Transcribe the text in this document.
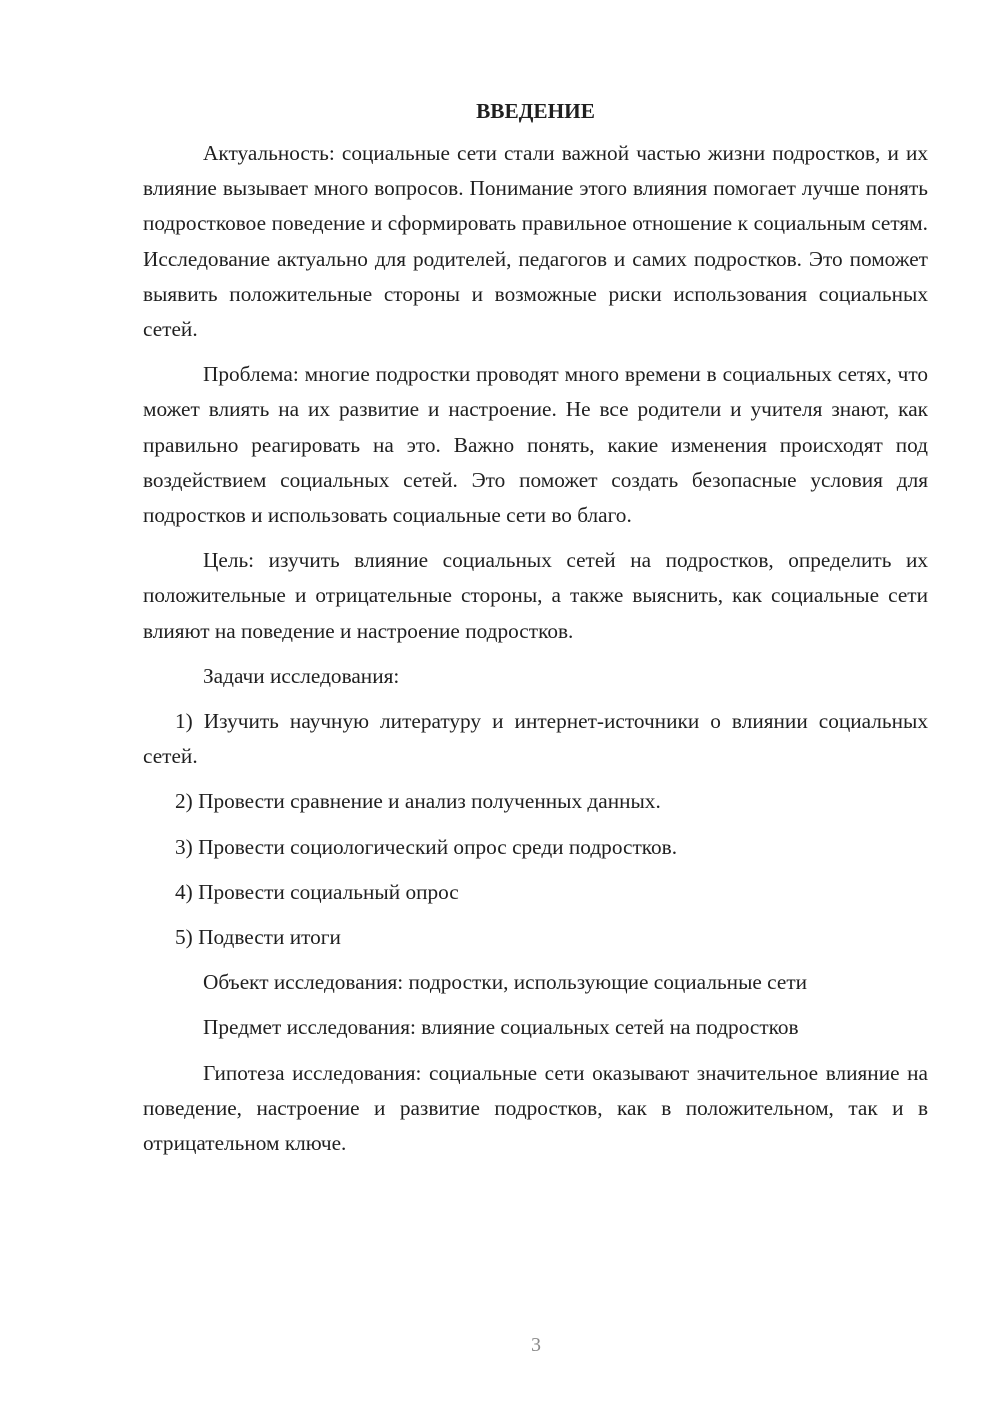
ВВЕДЕНИЕ

Актуальность: социальные сети стали важной частью жизни подростков, и их влияние вызывает много вопросов. Понимание этого влияния помогает лучше понять подростковое поведение и сформировать правильное отношение к социальным сетям. Исследование актуально для родителей, педагогов и самих подростков. Это поможет выявить положительные стороны и возможные риски использования социальных сетей.

Проблема: многие подростки проводят много времени в социальных сетях, что может влиять на их развитие и настроение. Не все родители и учителя знают, как правильно реагировать на это. Важно понять, какие изменения происходят под воздействием социальных сетей. Это поможет создать безопасные условия для подростков и использовать социальные сети во благо.

Цель: изучить влияние социальных сетей на подростков, определить их положительные и отрицательные стороны, а также выяснить, как социальные сети влияют на поведение и настроение подростков.

Задачи исследования:

1) Изучить научную литературу и интернет-источники о влиянии социальных сетей.

2) Провести сравнение и анализ полученных данных.

3) Провести социологический опрос среди подростков.

4) Провести социальный опрос

5) Подвести итоги

Объект исследования: подростки, использующие социальные сети

Предмет исследования: влияние социальных сетей на подростков

Гипотеза исследования: социальные сети оказывают значительное влияние на поведение, настроение и развитие подростков, как в положительном, так и в отрицательном ключе.

3
